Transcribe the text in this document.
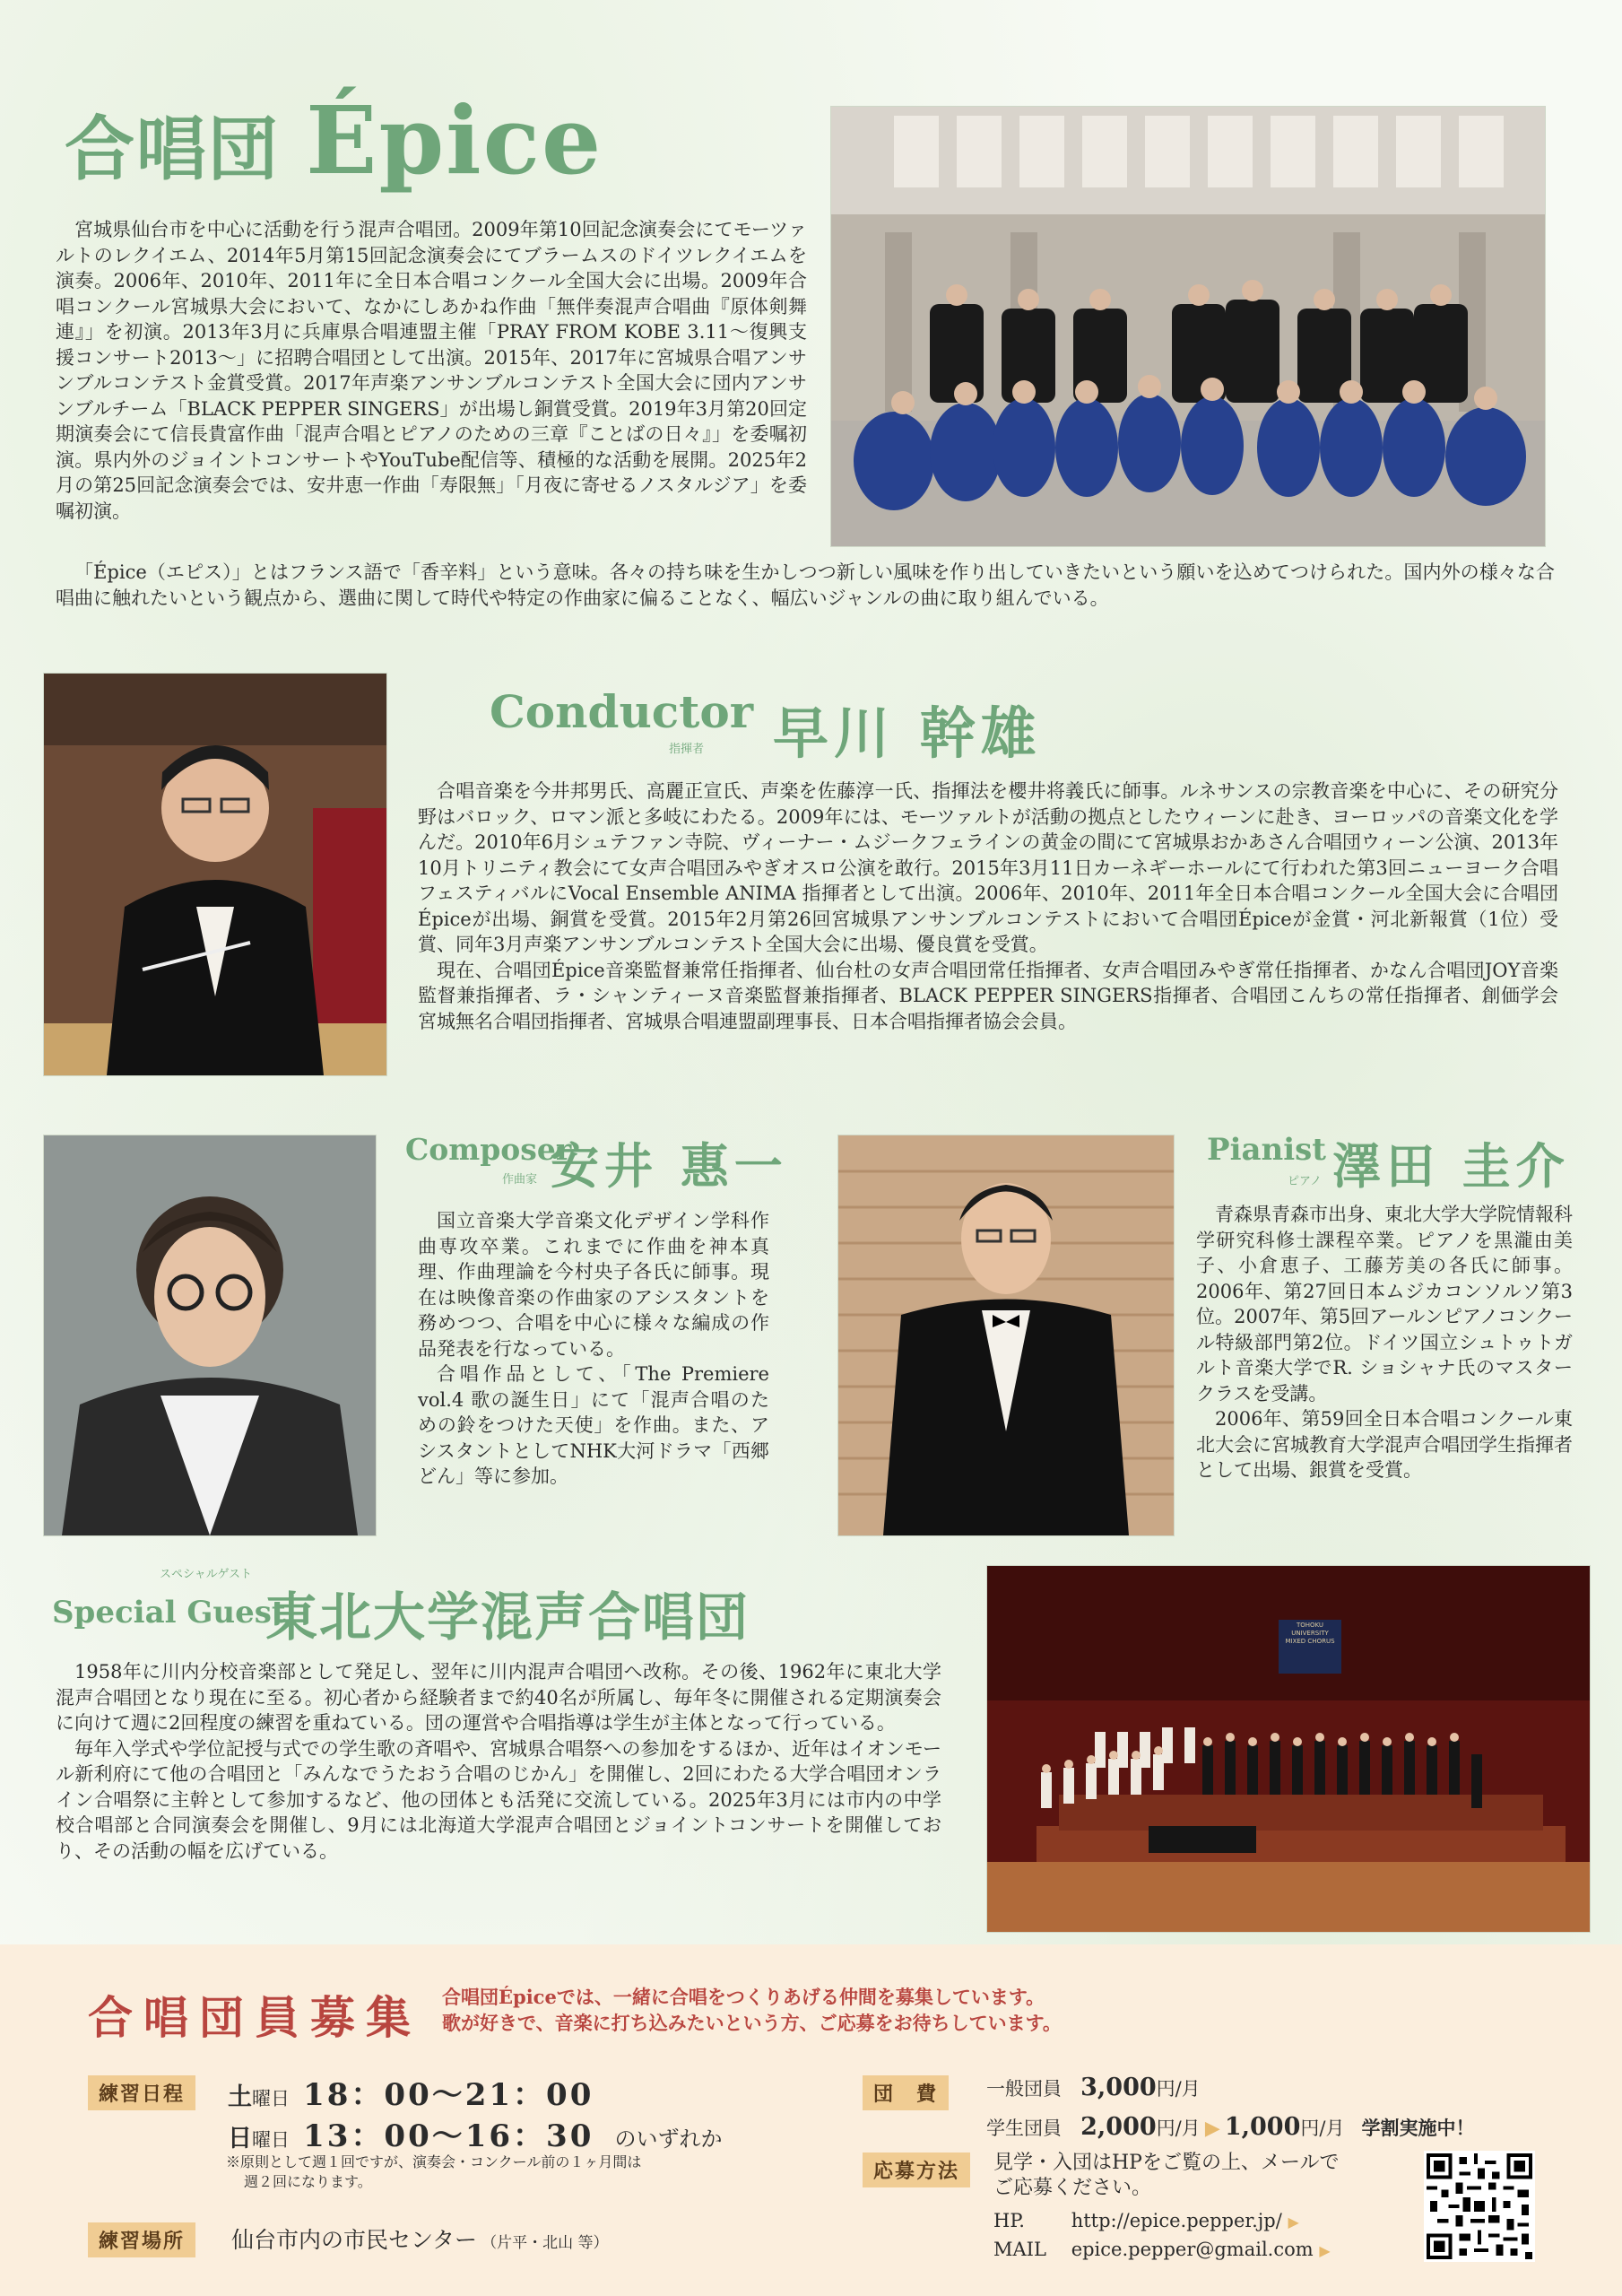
合唱団 Épice

宮城県仙台市を中心に活動を行う混声合唱団。2009年第10回記念演奏会にてモーツァルトのレクイエム、2014年5月第15回記念演奏会にてブラームスのドイツレクイエムを演奏。2006年、2010年、2011年に全日本合唱コンクール全国大会に出場。2009年合唱コンクール宮城県大会において、なかにしあかね作曲「無伴奏混声合唱曲『原体剣舞連』」を初演。2013年3月に兵庫県合唱連盟主催「PRAY FROM KOBE 3.11～復興支援コンサート2013～」に招聘合唱団として出演。2015年、2017年に宮城県合唱アンサンブルコンテスト金賞受賞。2017年声楽アンサンブルコンテスト全国大会に団内アンサンブルチーム「BLACK PEPPER SINGERS」が出場し銅賞受賞。2019年3月第20回定期演奏会にて信長貴富作曲「混声合唱とピアノのための三章『ことばの日々』」を委嘱初演。県内外のジョイントコンサートやYouTube配信等、積極的な活動を展開。2025年2月の第25回記念演奏会では、安井恵一作曲「寿限無」「月夜に寄せるノスタルジア」を委嘱初演。

「Épice（エピス）」とはフランス語で「香辛料」という意味。各々の持ち味を生かしつつ新しい風味を作り出していきたいという願いを込めてつけられた。国内外の様々な合唱曲に触れたいという観点から、選曲に関して時代や特定の作曲家に偏ることなく、幅広いジャンルの曲に取り組んでいる。

Conductor
指揮者 早川 幹雄

合唱音楽を今井邦男氏、高麗正宣氏、声楽を佐藤淳一氏、指揮法を櫻井将義氏に師事。ルネサンスの宗教音楽を中心に、その研究分野はバロック、ロマン派と多岐にわたる。2009年には、モーツァルトが活動の拠点としたウィーンに赴き、ヨーロッパの音楽文化を学んだ。2010年6月シュテファン寺院、ヴィーナー・ムジークフェラインの黄金の間にて宮城県おかあさん合唱団ウィーン公演、2013年10月トリニティ教会にて女声合唱団みやぎオスロ公演を敢行。2015年3月11日カーネギーホールにて行われた第3回ニューヨーク合唱フェスティバルにVocal Ensemble ANIMA 指揮者として出演。2006年、2010年、2011年全日本合唱コンクール全国大会に合唱団Épiceが出場、銅賞を受賞。2015年2月第26回宮城県アンサンブルコンテストにおいて合唱団Épiceが金賞・河北新報賞（1位）受賞、同年3月声楽アンサンブルコンテスト全国大会に出場、優良賞を受賞。

現在、合唱団Épice音楽監督兼常任指揮者、仙台杜の女声合唱団常任指揮者、女声合唱団みやぎ常任指揮者、かなん合唱団JOY音楽監督兼指揮者、ラ・シャンティーヌ音楽監督兼指揮者、BLACK PEPPER SINGERS指揮者、合唱団こんちの常任指揮者、創価学会　宮城無名合唱団指揮者、宮城県合唱連盟副理事長、日本合唱指揮者協会会員。

Composer
作曲家 安井 惠一

国立音楽大学音楽文化デザイン学科作曲専攻卒業。これまでに作曲を神本真理、作曲理論を今村央子各氏に師事。現在は映像音楽の作曲家のアシスタントを務めつつ、合唱を中心に様々な編成の作品発表を行なっている。

合唱作品として、「The Premiere vol.4 歌の誕生日」にて「混声合唱のための鈴をつけた天使」を作曲。また、アシスタントとしてNHK大河ドラマ「西郷どん」等に参加。

Pianist
ピアノ 澤田 圭介

青森県青森市出身、東北大学大学院情報科学研究科修士課程卒業。ピアノを黒瀧由美子、小倉恵子、工藤芳美の各氏に師事。2006年、第27回日本ムジカコンソルソ第3位。2007年、第5回アールンピアノコンクール特級部門第2位。ドイツ国立シュトゥトガルト音楽大学でR. ショシャナ氏のマスタークラスを受講。

2006年、第59回全日本合唱コンクール東北大会に宮城教育大学混声合唱団学生指揮者として出場、銀賞を受賞。

スペシャルゲスト
Special Guest
東北大学混声合唱団

1958年に川内分校音楽部として発足し、翌年に川内混声合唱団へ改称。その後、1962年に東北大学混声合唱団となり現在に至る。初心者から経験者まで約40名が所属し、毎年冬に開催される定期演奏会に向けて週に2回程度の練習を重ねている。団の運営や合唱指導は学生が主体となって行っている。

毎年入学式や学位記授与式での学生歌の斉唱や、宮城県合唱祭への参加をするほか、近年はイオンモール新利府にて他の合唱団と「みんなでうたおう合唱のじかん」を開催し、2回にわたる大学合唱団オンライン合唱祭に主幹として参加するなど、他の団体とも活発に交流している。2025年3月には市内の中学校合唱部と合同演奏会を開催し、9月には北海道大学混声合唱団とジョイントコンサートを開催しており、その活動の幅を広げている。

TOHOKU UNIVERSITY MIXED CHORUS
合唱団員募集 合唱団Épiceでは、一緒に合唱をつくりあげる仲間を募集しています。
歌が好きで、音楽に打ち込みたいという方、ご応募をお待ちしています。
練習日程	土曜日 18：00～21：00
日曜日 13：00～16：30 のいずれか
※原則として週１回ですが、演奏会・コンクール前の１ヶ月間は
週２回になります。
練習場所	仙台市内の市民センター （片平・北山 等）
団　費	一般団員 3,000円/月
学生団員 2,000円/月 ▶ 1,000円/月 学割実施中！
応募方法	見学・入団はHPをご覧の上、メールで
ご応募ください。
HP. http://epice.pepper.jp/ ▶
MAIL epice.pepper@gmail.com ▶
